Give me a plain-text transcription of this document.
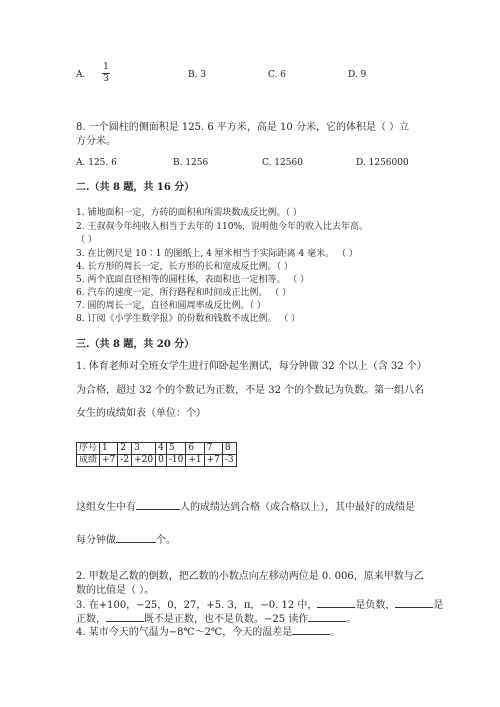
A.
1
3	B. 3	C. 6	D. 9
8. 一个圆柱的侧面积是 125. 6 平方米，高是 10 分米，它的体积是（ ）立
方分米。
A. 125. 6	B. 1256	C. 12560	D. 1256000
二.（共 8 题，共 16 分）
1. 铺地面积一定，方砖的面积和所需块数成反比例。（ ）
2. 王叔叔今年纯收入相当于去年的 110%，说明他今年的收入比去年高。
（ ）
3. 在比例尺是 10∶1 的图纸上, 4 厘米相当于实际距离 4 毫米。 （ ）
4. 长方形的周长一定，长方形的长和宽成反比例。（ ）
5. 两个底面直径相等的圆柱体，表面积也一定相等。 （ ）
6. 汽车的速度一定，所行路程和时间成正比例。 （ ）
7. 圆的周长一定，直径和圆周率成反比例。（ ）
8. 订阅《小学生数学报》的份数和钱数不成比例。 （ ）
三.（共 8 题，共 20 分）
1. 体育老师对全班女学生进行仰卧起坐测试，每分钟做 32 个以上（含 32 个）
为合格，超过 32 个的个数记为正数，不是 32 个的个数记为负数。第一组八名
女生的成绩如表（单位：个）
序号	1	2	3	4	5	6	7	8
成绩	+7	-2	+20	0	-10	+1	+7	-3
这组女生中有	人的成绩达到合格（或合格以上），其中最好的成绩是
每分钟做	个。
2. 甲数是乙数的倒数，把乙数的小数点向左移动两位是 0. 006，原来甲数与乙
数的比值是（ ）。
3. 在+100，−25，0，27，+5. 3，π，−0. 12 中，	是负数，	是
正数，	既不是正数，也不是负数。−25 读作	。
4. 某市今天的气温为−8℃～2℃，今天的温差是	。
